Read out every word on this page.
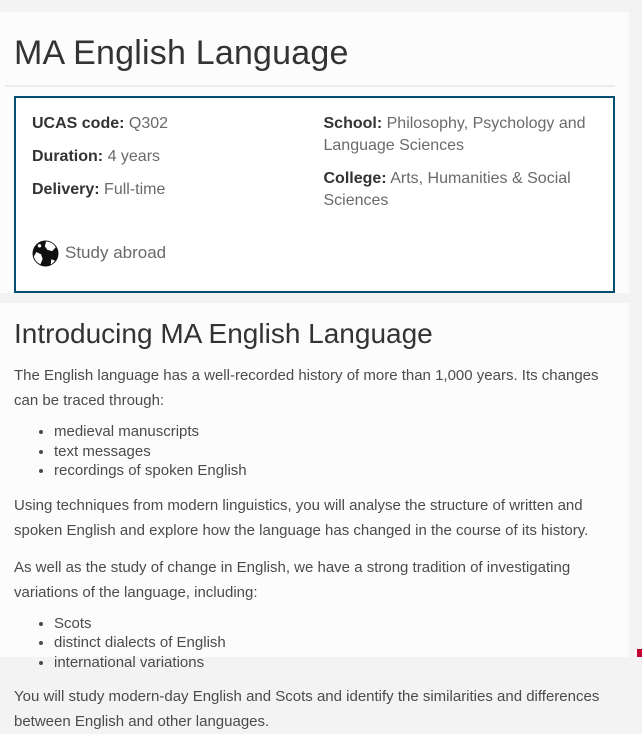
MA English Language
UCAS code: Q302
Duration: 4 years
Delivery: Full-time
School: Philosophy, Psychology and Language Sciences
College: Arts, Humanities & Social Sciences
Study abroad
Introducing MA English Language

The English language has a well-recorded history of more than 1,000 years. Its changes can be traced through:

• medieval manuscripts
• text messages
• recordings of spoken English

Using techniques from modern linguistics, you will analyse the structure of written and spoken English and explore how the language has changed in the course of its history.

As well as the study of change in English, we have a strong tradition of investigating variations of the language, including:

• Scots
• distinct dialects of English
• international variations

You will study modern-day English and Scots and identify the similarities and differences between English and other languages.
